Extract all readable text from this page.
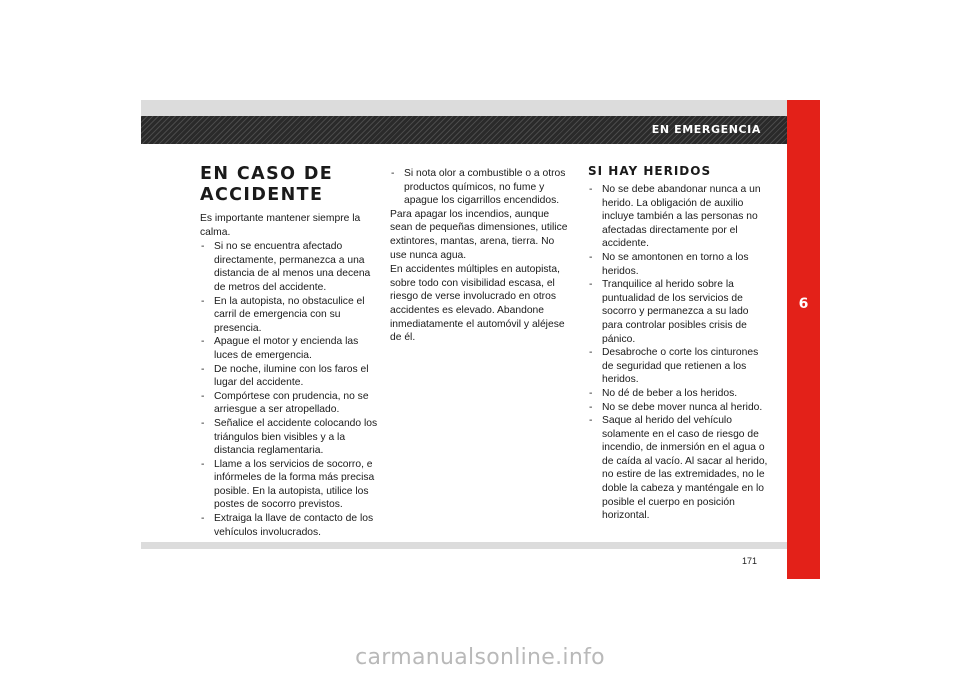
EN EMERGENCIA
6
EN CASO DE
ACCIDENTE

Es importante mantener siempre la calma.

- Si no se encuentra afectado directamente, permanezca a una distancia de al menos una decena de metros del accidente.
- En la autopista, no obstaculice el carril de emergencia con su presencia.
- Apague el motor y encienda las luces de emergencia.
- De noche, ilumine con los faros el lugar del accidente.
- Compórtese con prudencia, no se arriesgue a ser atropellado.
- Señalice el accidente colocando los triángulos bien visibles y a la distancia reglamentaria.
- Llame a los servicios de socorro, e infórmeles de la forma más precisa posible. En la autopista, utilice los postes de socorro previstos.
- Extraiga la llave de contacto de los vehículos involucrados.
- Si nota olor a combustible o a otros productos químicos, no fume y apague los cigarrillos encendidos.

Para apagar los incendios, aunque sean de pequeñas dimensiones, utilice extintores, mantas, arena, tierra. No use nunca agua.

En accidentes múltiples en autopista, sobre todo con visibilidad escasa, el riesgo de verse involucrado en otros accidentes es elevado. Abandone inmediatamente el automóvil y aléjese de él.

SI HAY HERIDOS
- No se debe abandonar nunca a un herido. La obligación de auxilio incluye también a las personas no afectadas directamente por el accidente.
- No se amontonen en torno a los heridos.
- Tranquilice al herido sobre la puntualidad de los servicios de socorro y permanezca a su lado para controlar posibles crisis de pánico.
- Desabroche o corte los cinturones de seguridad que retienen a los heridos.
- No dé de beber a los heridos.
- No se debe mover nunca al herido.
- Saque al herido del vehículo solamente en el caso de riesgo de incendio, de inmersión en el agua o de caída al vacío. Al sacar al herido, no estire de las extremidades, no le doble la cabeza y manténgale en lo posible el cuerpo en posición horizontal.
171
carmanualsonline.info
